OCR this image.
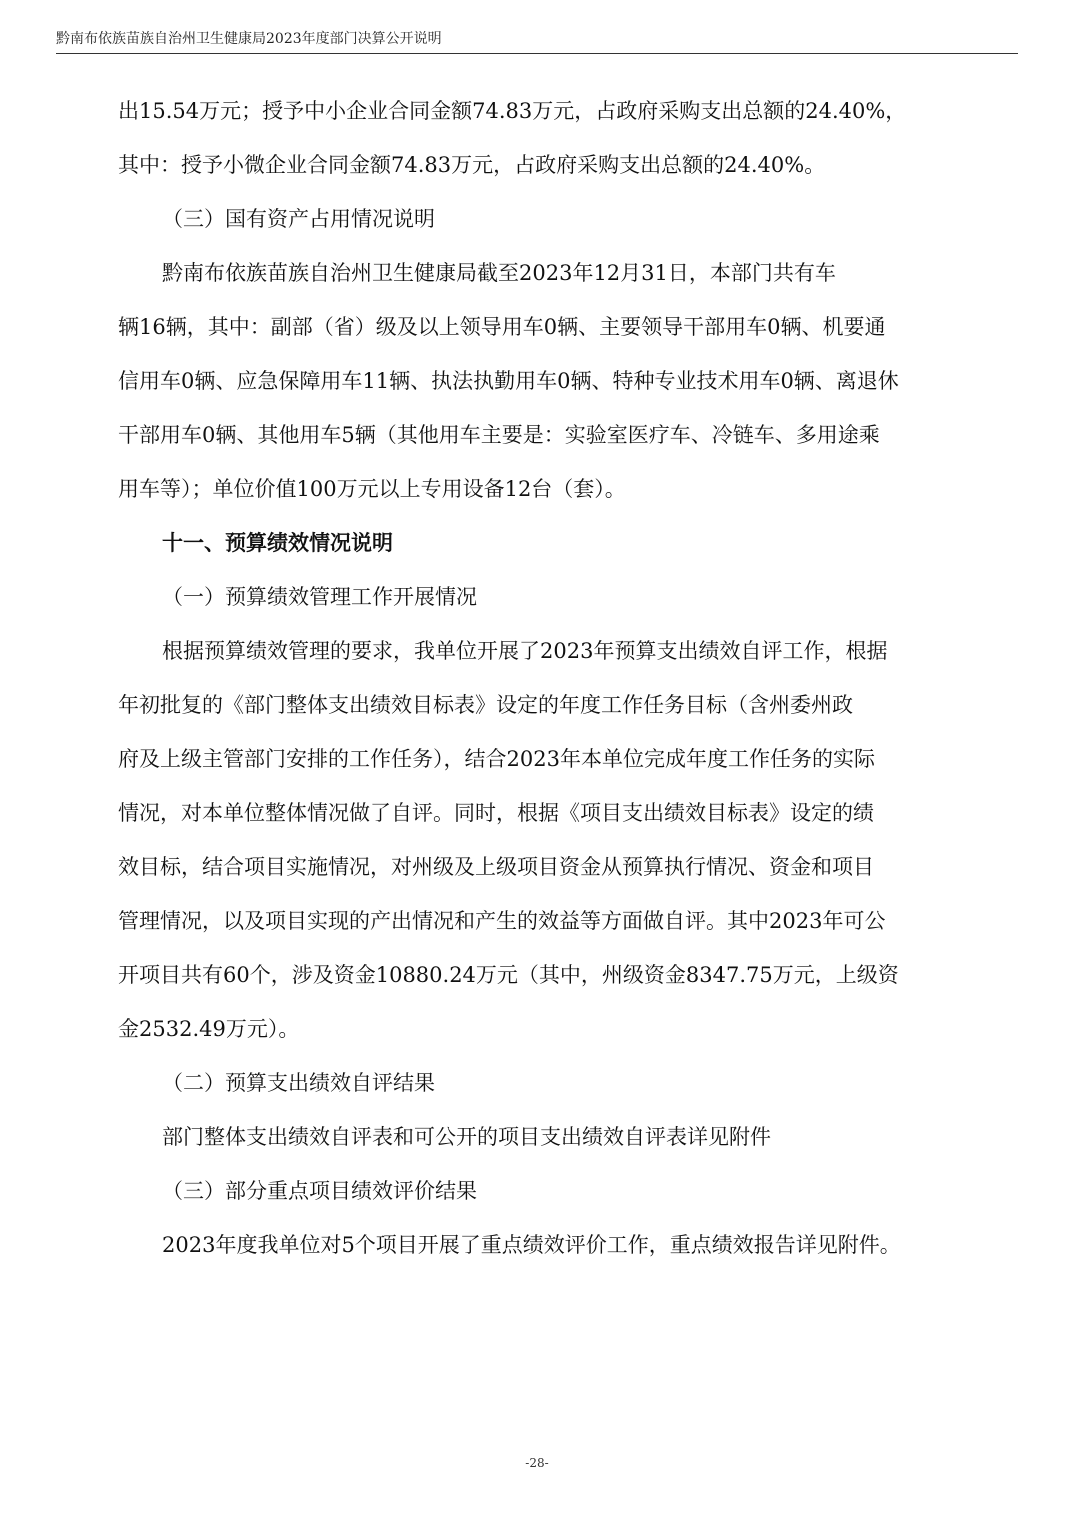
黔南布依族苗族自治州卫生健康局2023年度部门决算公开说明
出15.54万元；授予中小企业合同金额74.83万元，占政府采购支出总额的24.40%，
其中：授予小微企业合同金额74.83万元，占政府采购支出总额的24.40%。
（三）国有资产占用情况说明
黔南布依族苗族自治州卫生健康局截至2023年12月31日，本部门共有车
辆16辆，其中：副部（省）级及以上领导用车0辆、主要领导干部用车0辆、机要通
信用车0辆、应急保障用车11辆、执法执勤用车0辆、特种专业技术用车0辆、离退休
干部用车0辆、其他用车5辆（其他用车主要是：实验室医疗车、冷链车、多用途乘
用车等）；单位价值100万元以上专用设备12台（套）。
十一、预算绩效情况说明
（一）预算绩效管理工作开展情况
根据预算绩效管理的要求，我单位开展了2023年预算支出绩效自评工作，根据
年初批复的《部门整体支出绩效目标表》设定的年度工作任务目标（含州委州政
府及上级主管部门安排的工作任务），结合2023年本单位完成年度工作任务的实际
情况，对本单位整体情况做了自评。同时，根据《项目支出绩效目标表》设定的绩
效目标，结合项目实施情况，对州级及上级项目资金从预算执行情况、资金和项目
管理情况，以及项目实现的产出情况和产生的效益等方面做自评。其中2023年可公
开项目共有60个，涉及资金10880.24万元（其中，州级资金8347.75万元，上级资
金2532.49万元）。
（二）预算支出绩效自评结果
部门整体支出绩效自评表和可公开的项目支出绩效自评表详见附件
（三）部分重点项目绩效评价结果
2023年度我单位对5个项目开展了重点绩效评价工作，重点绩效报告详见附件。
-28-
